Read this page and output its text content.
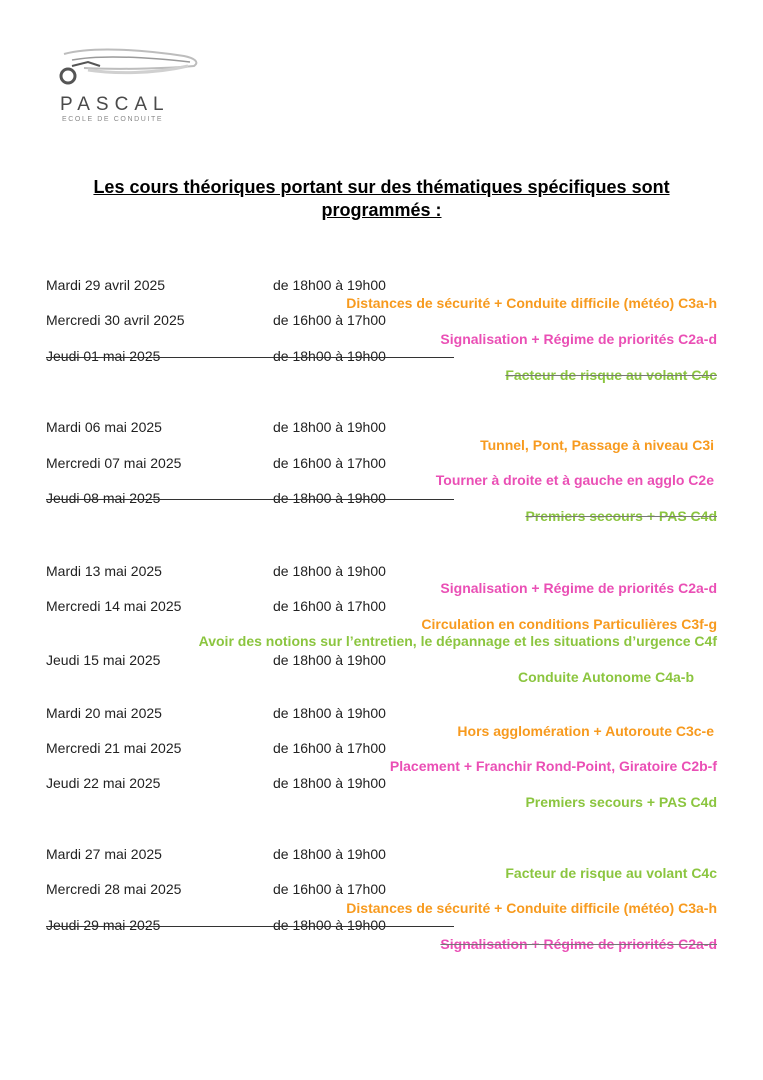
PASCAL
ECOLE DE CONDUITE
Les cours théoriques portant sur des thématiques spécifiques sont programmés :
Mardi 29 avril 2025	de 18h00 à 19h00
Distances de sécurité + Conduite difficile (météo) C3a-h
Mercredi 30 avril 2025	de 16h00 à 17h00
Signalisation + Régime de priorités C2a-d
Jeudi 01 mai 2025	de 18h00 à 19h00
Facteur de risque au volant C4c
Mardi 06 mai 2025	de 18h00 à 19h00
Tunnel, Pont, Passage à niveau C3i
Mercredi 07 mai 2025	de 16h00 à 17h00
Tourner à droite et à gauche en agglo C2e
Jeudi 08 mai 2025	de 18h00 à 19h00
Premiers secours + PAS C4d
Mardi 13 mai 2025	de 18h00 à 19h00
Signalisation + Régime de priorités C2a-d
Mercredi 14 mai 2025	de 16h00 à 17h00
Circulation en conditions Particulières C3f-g
Avoir des notions sur l’entretien, le dépannage et les situations d’urgence C4f
Jeudi 15 mai 2025	de 18h00 à 19h00
Conduite Autonome C4a-b
Mardi 20 mai 2025	de 18h00 à 19h00
Hors agglomération + Autoroute C3c-e
Mercredi 21 mai 2025	de 16h00 à 17h00
Placement + Franchir Rond-Point, Giratoire C2b-f
Jeudi 22 mai 2025	de 18h00 à 19h00
Premiers secours + PAS C4d
Mardi 27 mai 2025	de 18h00 à 19h00
Facteur de risque au volant C4c
Mercredi 28 mai 2025	de 16h00 à 17h00
Distances de sécurité + Conduite difficile (météo) C3a-h
Jeudi 29 mai 2025	de 18h00 à 19h00
Signalisation + Régime de priorités C2a-d
